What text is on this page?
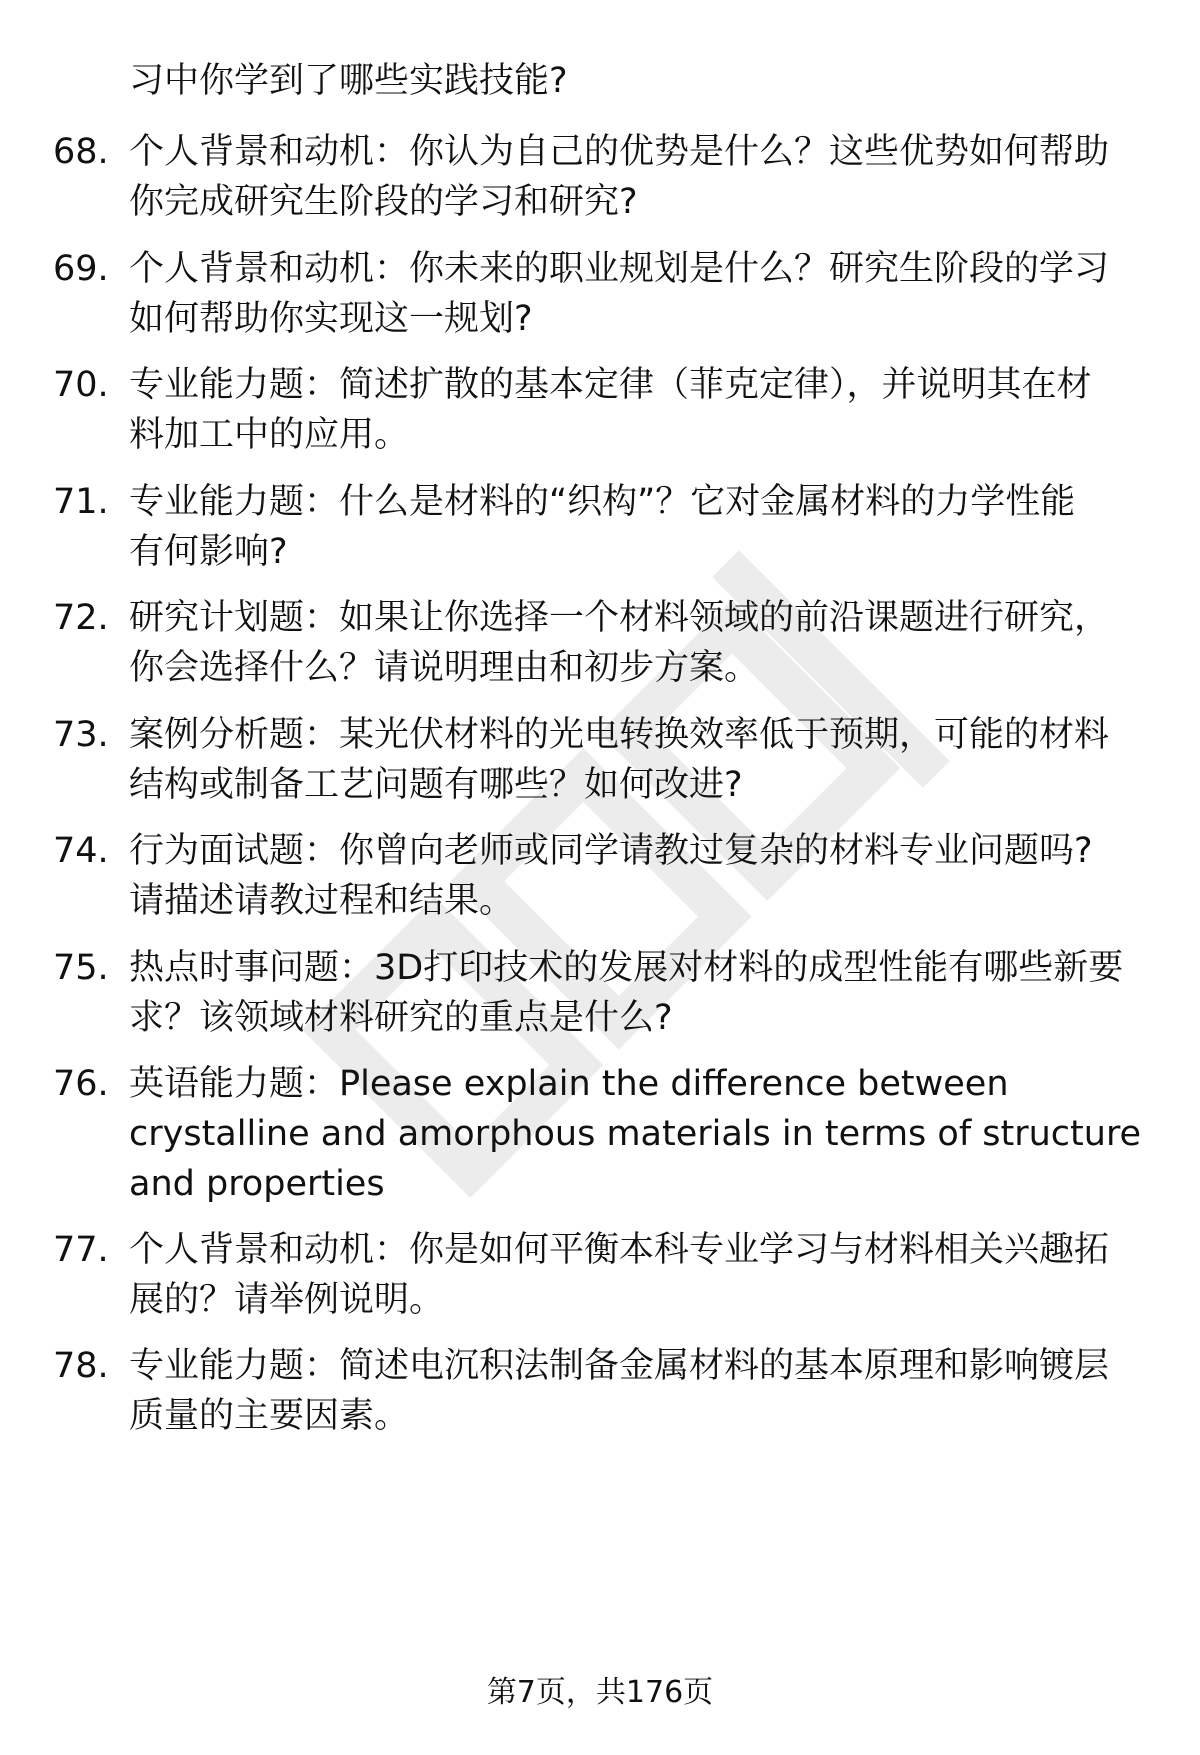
习中你学到了哪些实践技能?
68. 个人背景和动机：你认为自己的优势是什么？这些优势如何帮助
你完成研究生阶段的学习和研究?
69. 个人背景和动机：你未来的职业规划是什么？研究生阶段的学习
如何帮助你实现这一规划?
70. 专业能力题：简述扩散的基本定律（菲克定律），并说明其在材
料加工中的应用。
71. 专业能力题：什么是材料的“织构”？它对金属材料的力学性能
有何影响?
72. 研究计划题：如果让你选择一个材料领域的前沿课题进行研究，
你会选择什么？请说明理由和初步方案。
73. 案例分析题：某光伏材料的光电转换效率低于预期，可能的材料
结构或制备工艺问题有哪些？如何改进?
74. 行为面试题：你曾向老师或同学请教过复杂的材料专业问题吗?
请描述请教过程和结果。
75. 热点时事问题：3D打印技术的发展对材料的成型性能有哪些新要
求？该领域材料研究的重点是什么?
76. 英语能力题：Please explain the difference between
crystalline and amorphous materials in terms of structure
and properties
77. 个人背景和动机：你是如何平衡本科专业学习与材料相关兴趣拓
展的？请举例说明。
78. 专业能力题：简述电沉积法制备金属材料的基本原理和影响镀层
质量的主要因素。
第7页，共176页
